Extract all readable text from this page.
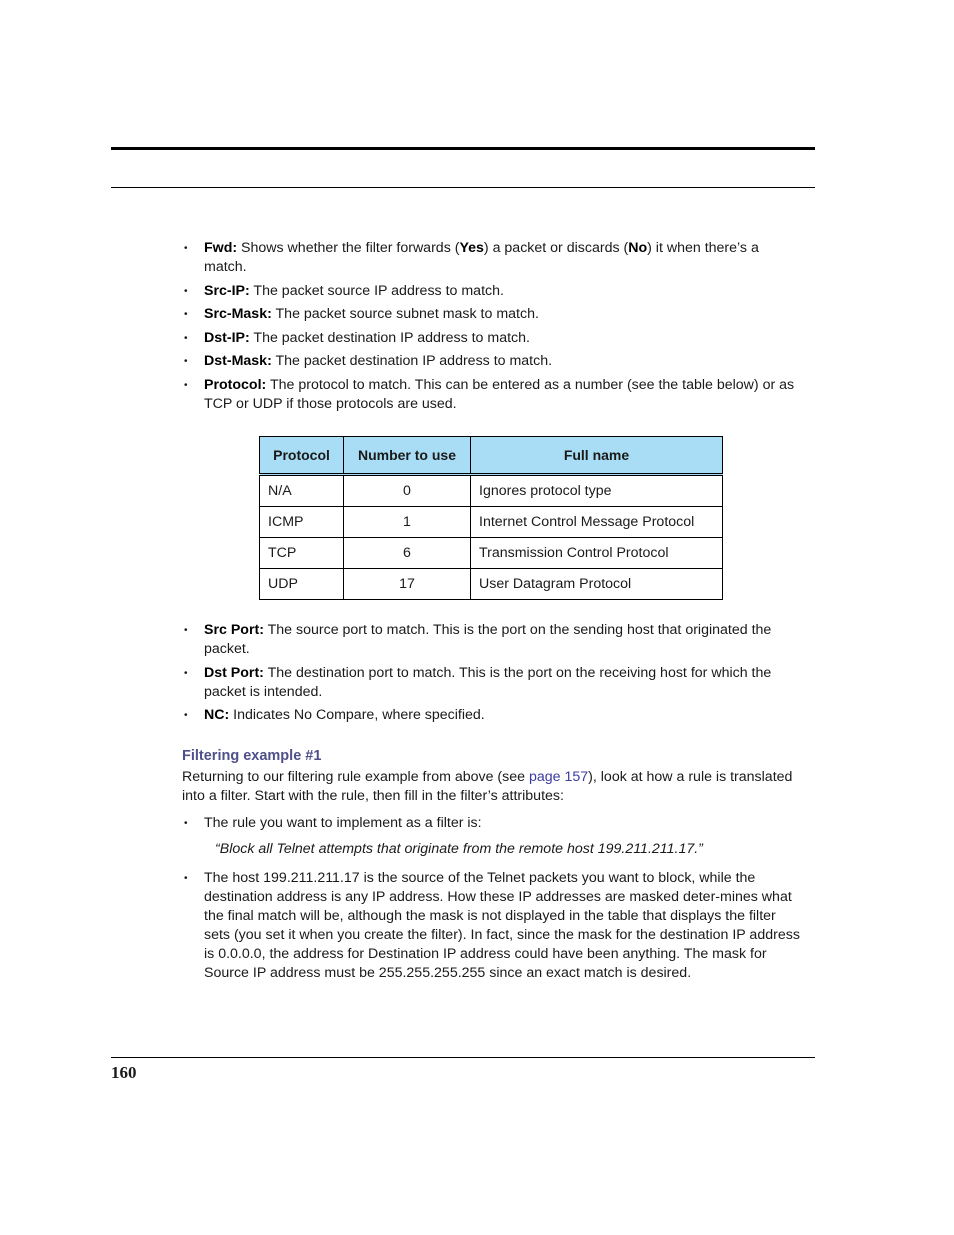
• Fwd: Shows whether the filter forwards (Yes) a packet or discards (No) it when there’s a match.
• Src-IP: The packet source IP address to match.
• Src-Mask: The packet source subnet mask to match.
• Dst-IP: The packet destination IP address to match.
• Dst-Mask: The packet destination IP address to match.
• Protocol: The protocol to match. This can be entered as a number (see the table below) or as TCP or UDP if those protocols are used.
Protocol	Number to use	Full name
N/A	0	Ignores protocol type
ICMP	1	Internet Control Message Protocol
TCP	6	Transmission Control Protocol
UDP	17	User Datagram Protocol
• Src Port: The source port to match. This is the port on the sending host that originated the packet.
• Dst Port: The destination port to match. This is the port on the receiving host for which the packet is intended.
• NC: Indicates No Compare, where specified.
Filtering example #1

Returning to our filtering rule example from above (see page 157), look at how a rule is translated into a filter. Start with the rule, then fill in the filter’s attributes:

• The rule you want to implement as a filter is:
“Block all Telnet attempts that originate from the remote host 199.211.211.17.”
• The host 199.211.211.17 is the source of the Telnet packets you want to block, while the destination address is any IP address. How these IP addresses are masked deter-mines what the final match will be, although the mask is not displayed in the table that displays the filter sets (you set it when you create the filter). In fact, since the mask for the destination IP address is 0.0.0.0, the address for Destination IP address could have been anything. The mask for Source IP address must be 255.255.255.255 since an exact match is desired.
160
